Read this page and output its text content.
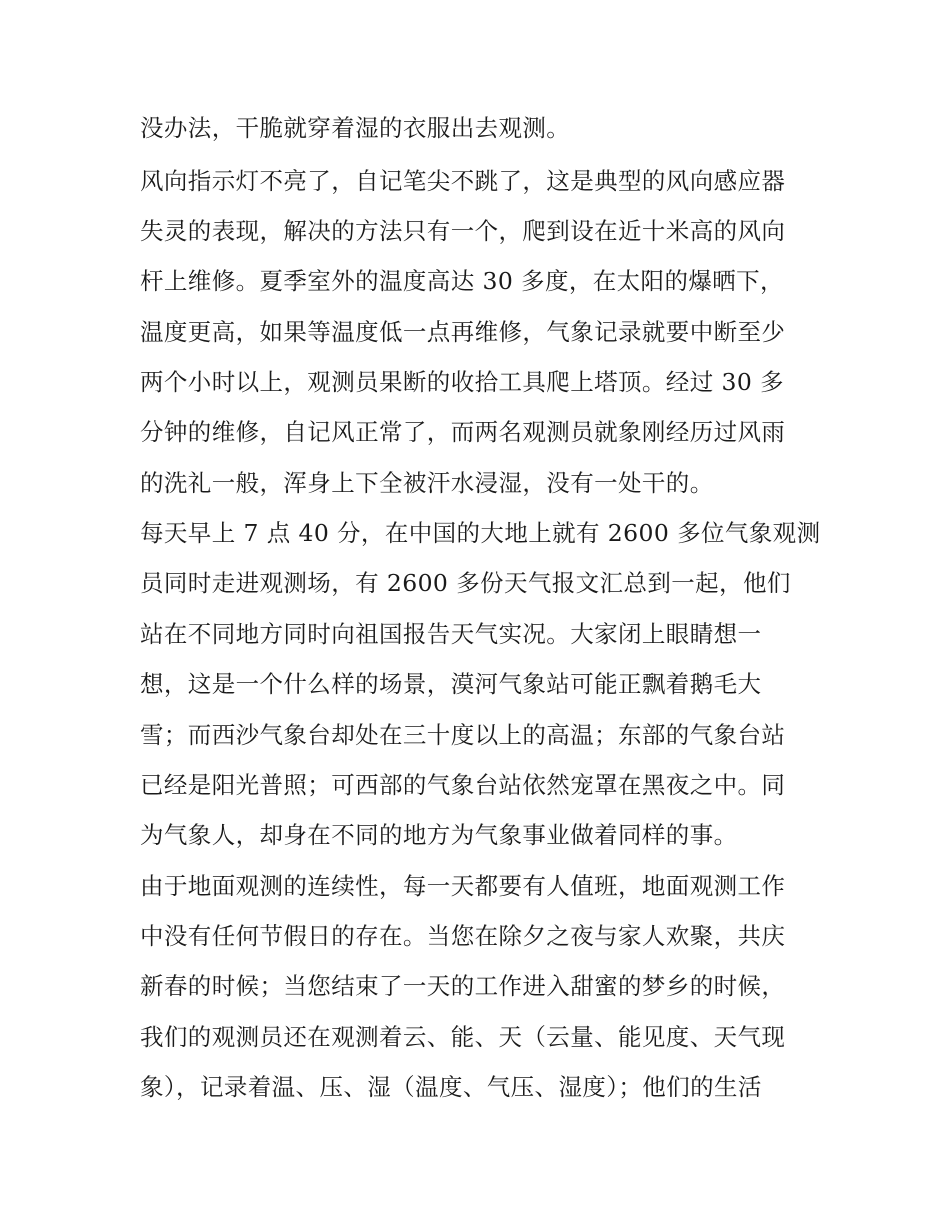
没办法，干脆就穿着湿的衣服出去观测。

风向指示灯不亮了，自记笔尖不跳了，这是典型的风向感应器

失灵的表现，解决的方法只有一个，爬到设在近十米高的风向

杆上维修。夏季室外的温度高达 30 多度，在太阳的爆晒下，

温度更高，如果等温度低一点再维修，气象记录就要中断至少

两个小时以上，观测员果断的收拾工具爬上塔顶。经过 30 多

分钟的维修，自记风正常了，而两名观测员就象刚经历过风雨

的洗礼一般，浑身上下全被汗水浸湿，没有一处干的。

每天早上 7 点 40 分，在中国的大地上就有 2600 多位气象观测

员同时走进观测场，有 2600 多份天气报文汇总到一起，他们

站在不同地方同时向祖国报告天气实况。大家闭上眼睛想一

想，这是一个什么样的场景，漠河气象站可能正飘着鹅毛大

雪；而西沙气象台却处在三十度以上的高温；东部的气象台站

已经是阳光普照；可西部的气象台站依然宠罩在黑夜之中。同

为气象人，却身在不同的地方为气象事业做着同样的事。

由于地面观测的连续性，每一天都要有人值班，地面观测工作

中没有任何节假日的存在。当您在除夕之夜与家人欢聚，共庆

新春的时候；当您结束了一天的工作进入甜蜜的梦乡的时候，

我们的观测员还在观测着云、能、天（云量、能见度、天气现

象），记录着温、压、湿（温度、气压、湿度）；他们的生活
